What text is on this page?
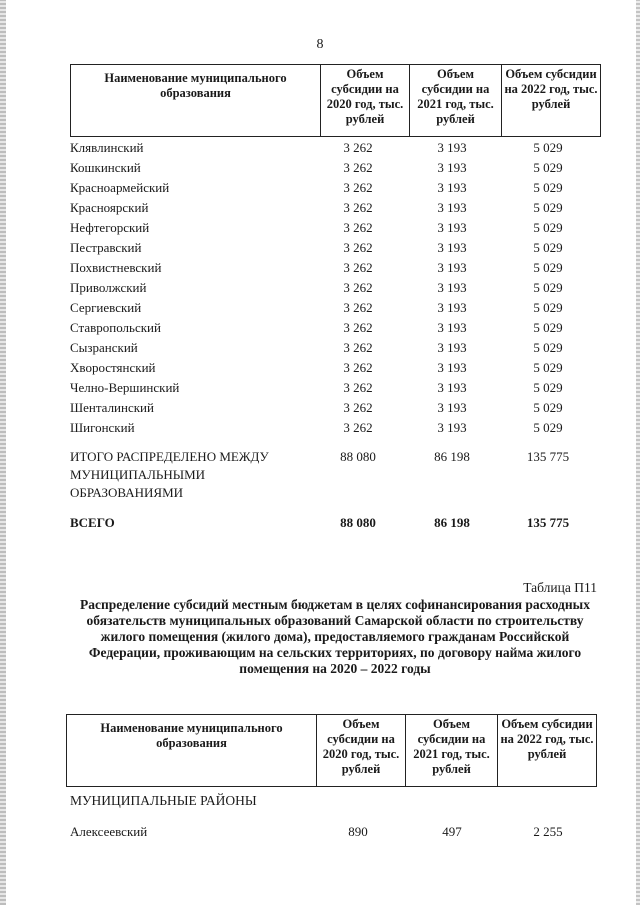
8
Наименование муниципального образования	Объем субсидии на 2020 год, тыс. рублей	Объем субсидии на 2021 год, тыс. рублей	Объем субсидии на 2022 год, тыс. рублей
Клявлинский	3 262	3 193	5 029
Кошкинский	3 262	3 193	5 029
Красноармейский	3 262	3 193	5 029
Красноярский	3 262	3 193	5 029
Нефтегорский	3 262	3 193	5 029
Пестравский	3 262	3 193	5 029
Похвистневский	3 262	3 193	5 029
Приволжский	3 262	3 193	5 029
Сергиевский	3 262	3 193	5 029
Ставропольский	3 262	3 193	5 029
Сызранский	3 262	3 193	5 029
Хворостянский	3 262	3 193	5 029
Челно-Вершинский	3 262	3 193	5 029
Шенталинский	3 262	3 193	5 029
Шигонский	3 262	3 193	5 029
ИТОГО РАСПРЕДЕЛЕНО МЕЖДУ МУНИЦИПАЛЬНЫМИ ОБРАЗОВАНИЯМИ
88 080	86 198	135 775
ВСЕГО	88 080	86 198	135 775
Таблица П11
Распределение субсидий местным бюджетам в целях софинансирования расходных обязательств муниципальных образований Самарской области по строительству жилого помещения (жилого дома), предоставляемого гражданам Российской Федерации, проживающим на сельских территориях, по договору найма жилого помещения на 2020 – 2022 годы
Наименование муниципального образования	Объем субсидии на 2020 год, тыс. рублей	Объем субсидии на 2021 год, тыс. рублей	Объем субсидии на 2022 год, тыс. рублей
МУНИЦИПАЛЬНЫЕ РАЙОНЫ
Алексеевский	890	497	2 255
